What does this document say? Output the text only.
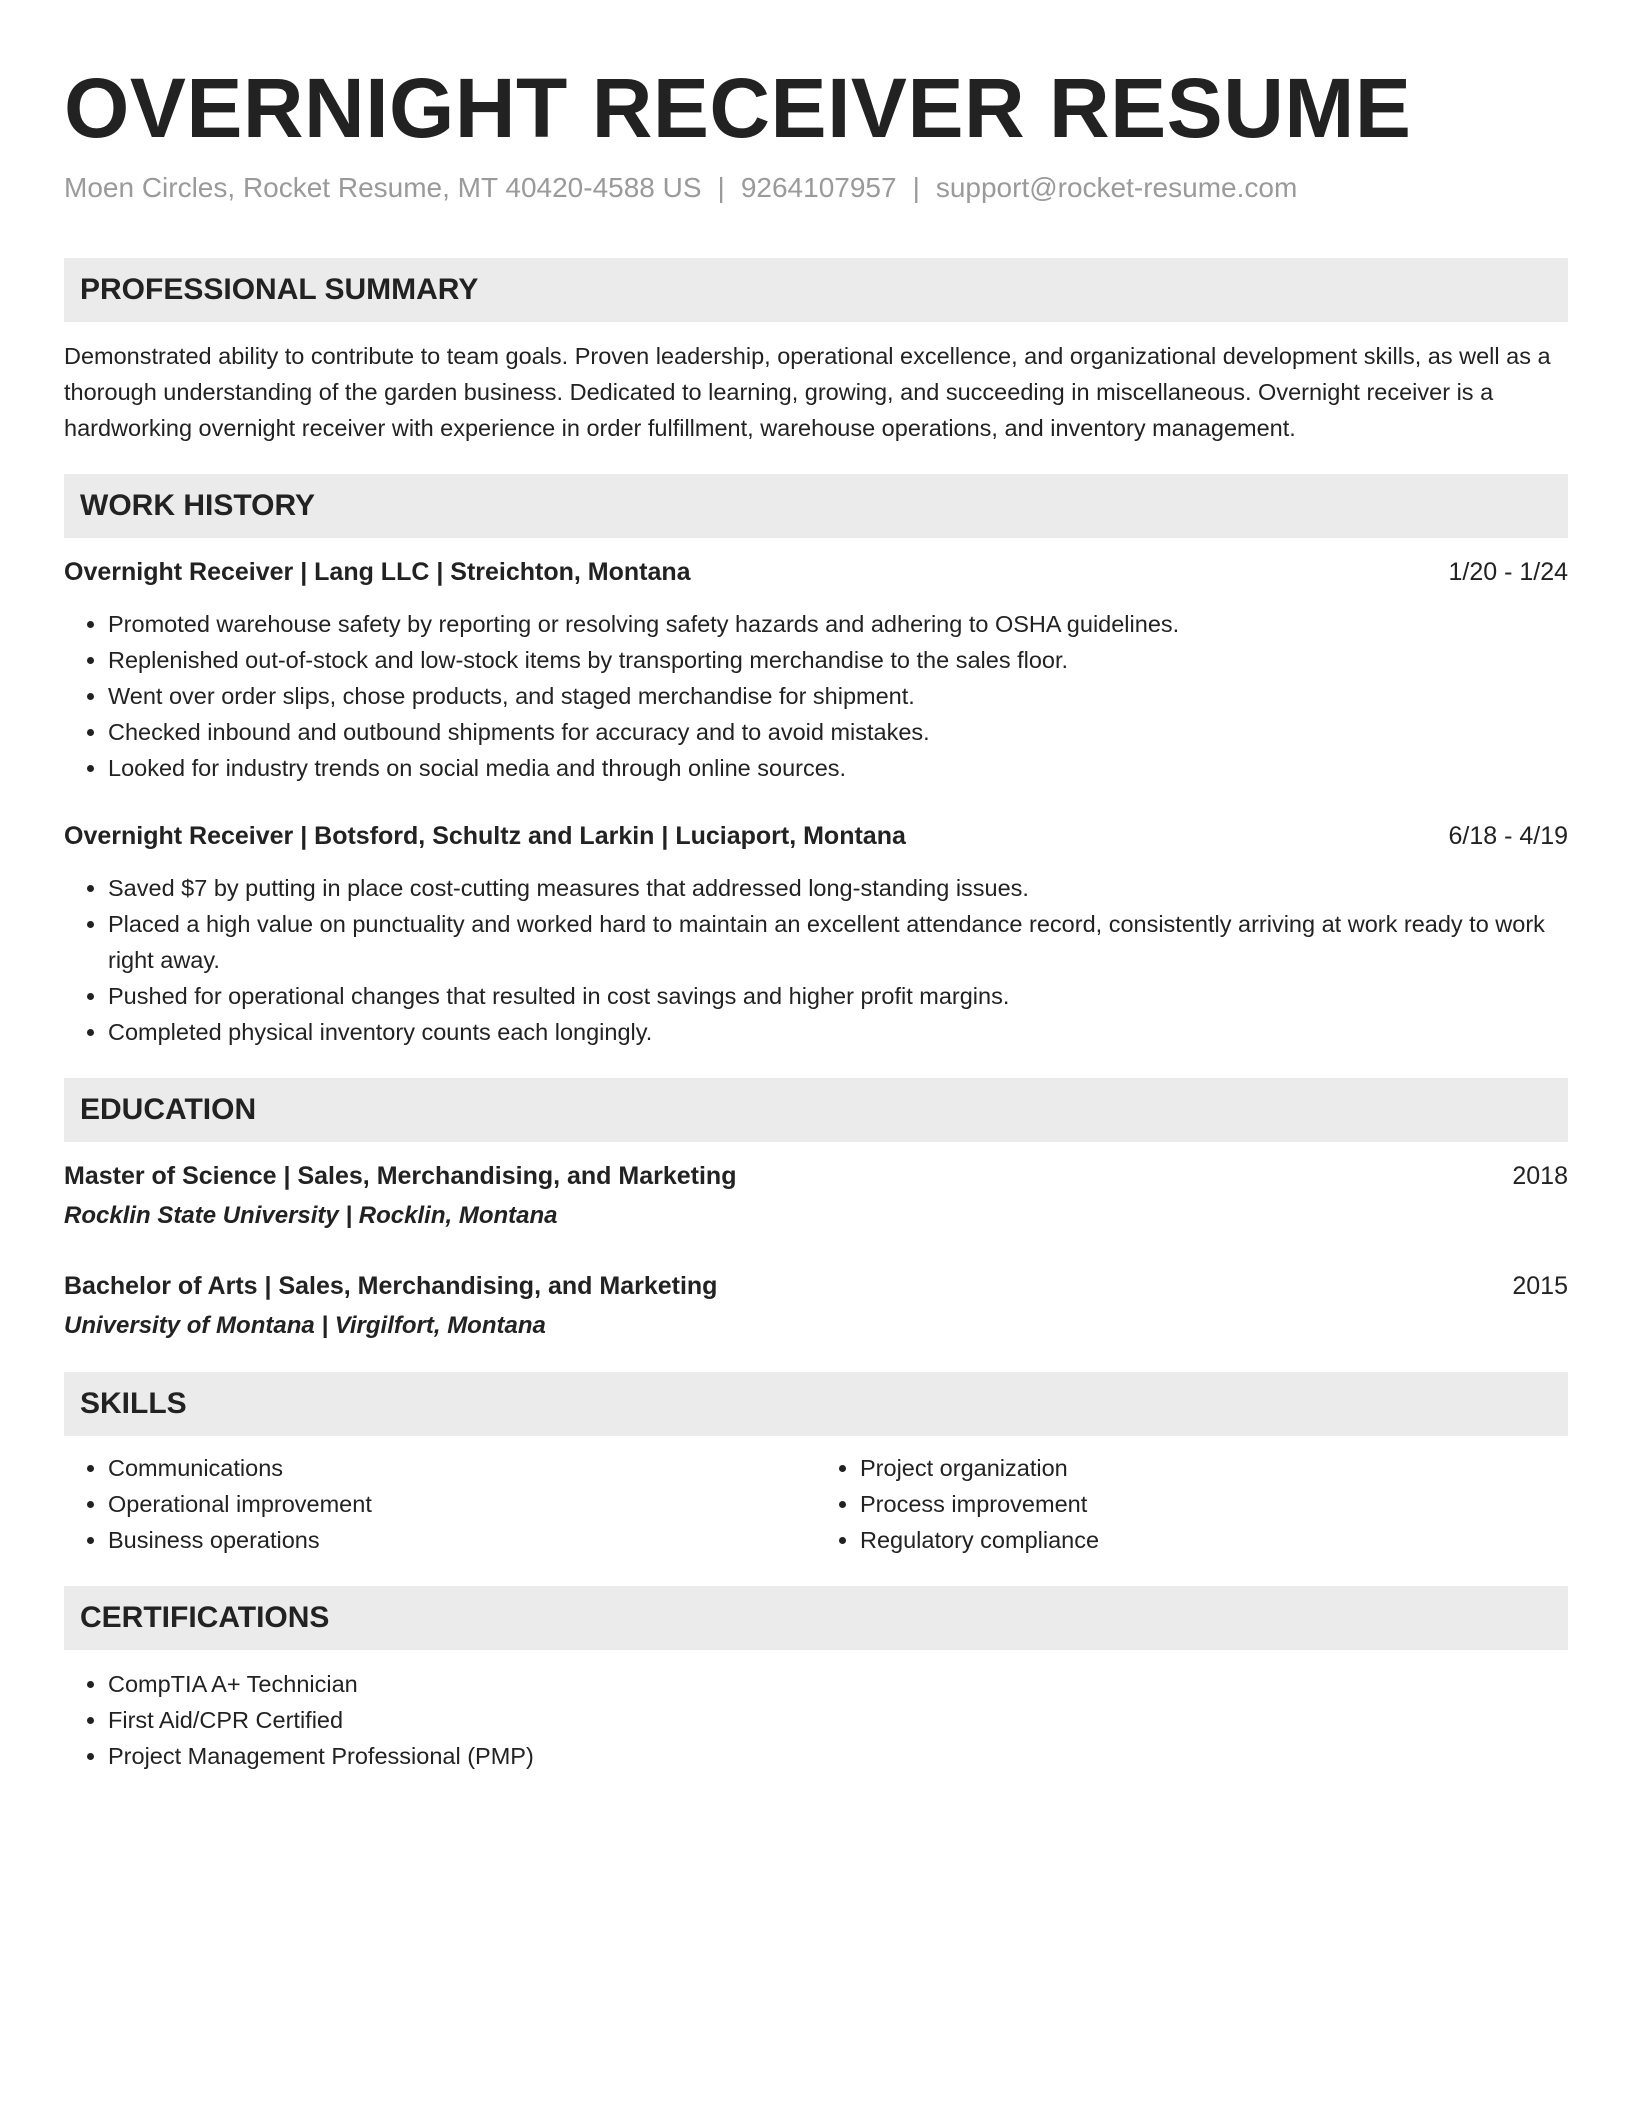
OVERNIGHT RECEIVER RESUME
Moen Circles, Rocket Resume, MT 40420-4588 US | 9264107957 | support@rocket-resume.com
PROFESSIONAL SUMMARY
Demonstrated ability to contribute to team goals. Proven leadership, operational excellence, and organizational development skills, as well as a thorough understanding of the garden business. Dedicated to learning, growing, and succeeding in miscellaneous. Overnight receiver is a hardworking overnight receiver with experience in order fulfillment, warehouse operations, and inventory management.
WORK HISTORY
Overnight Receiver | Lang LLC | Streichton, Montana	1/20 - 1/24
• Promoted warehouse safety by reporting or resolving safety hazards and adhering to OSHA guidelines.
• Replenished out-of-stock and low-stock items by transporting merchandise to the sales floor.
• Went over order slips, chose products, and staged merchandise for shipment.
• Checked inbound and outbound shipments for accuracy and to avoid mistakes.
• Looked for industry trends on social media and through online sources.
Overnight Receiver | Botsford, Schultz and Larkin | Luciaport, Montana	6/18 - 4/19
• Saved $7 by putting in place cost-cutting measures that addressed long-standing issues.
• Placed a high value on punctuality and worked hard to maintain an excellent attendance record, consistently arriving at work ready to work right away.
• Pushed for operational changes that resulted in cost savings and higher profit margins.
• Completed physical inventory counts each longingly.
EDUCATION
Master of Science | Sales, Merchandising, and Marketing	2018
Rocklin State University | Rocklin, Montana
Bachelor of Arts | Sales, Merchandising, and Marketing	2015
University of Montana | Virgilfort, Montana
SKILLS
• Communications
• Operational improvement
• Business operations
• Project organization
• Process improvement
• Regulatory compliance
CERTIFICATIONS
• CompTIA A+ Technician
• First Aid/CPR Certified
• Project Management Professional (PMP)
